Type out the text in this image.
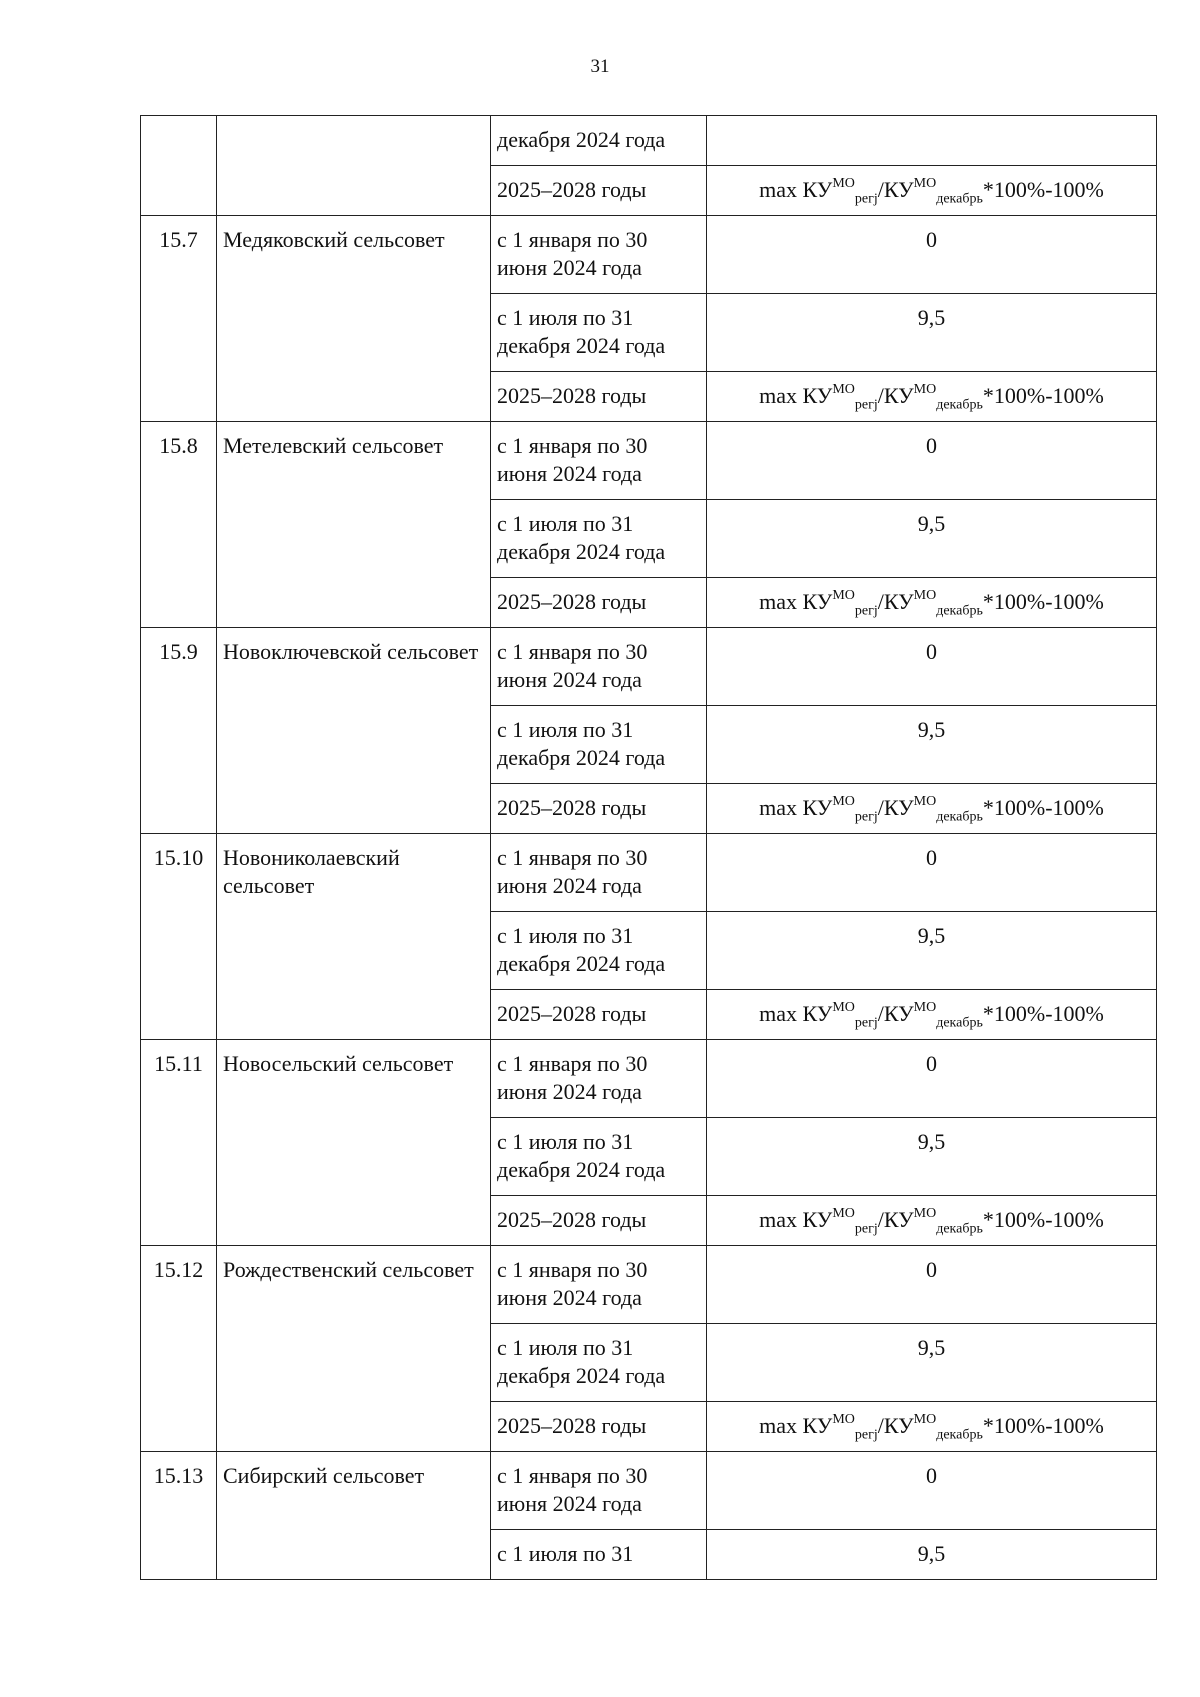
31
		декабря 2024 года	
		2025–2028 годы	$\max КУ^{МО}_{регj}/КУ^{МО}_{декабрь}*100\%-100\%$
15.7	Медяковский сельсовет	с 1 января по 30 июня 2024 года	0
		с 1 июля по 31 декабря 2024 года	9,5
		2025–2028 годы	$\max КУ^{МО}_{регj}/КУ^{МО}_{декабрь}*100\%-100\%$
15.8	Метелевский сельсовет	с 1 января по 30 июня 2024 года	0
		с 1 июля по 31 декабря 2024 года	9,5
		2025–2028 годы	$\max КУ^{МО}_{регj}/КУ^{МО}_{декабрь}*100\%-100\%$
15.9	Новоключевской сельсовет	с 1 января по 30 июня 2024 года	0
		с 1 июля по 31 декабря 2024 года	9,5
		2025–2028 годы	$\max КУ^{МО}_{регj}/КУ^{МО}_{декабрь}*100\%-100\%$
15.10	Новониколаевский сельсовет	с 1 января по 30 июня 2024 года	0
		с 1 июля по 31 декабря 2024 года	9,5
		2025–2028 годы	$\max КУ^{МО}_{регj}/КУ^{МО}_{декабрь}*100\%-100\%$
15.11	Новосельский сельсовет	с 1 января по 30 июня 2024 года	0
		с 1 июля по 31 декабря 2024 года	9,5
		2025–2028 годы	$\max КУ^{МО}_{регj}/КУ^{МО}_{декабрь}*100\%-100\%$
15.12	Рождественский сельсовет	с 1 января по 30 июня 2024 года	0
		с 1 июля по 31 декабря 2024 года	9,5
		2025–2028 годы	$\max КУ^{МО}_{регj}/КУ^{МО}_{декабрь}*100\%-100\%$
15.13	Сибирский сельсовет	с 1 января по 30 июня 2024 года	0
		с 1 июля по 31	9,5
